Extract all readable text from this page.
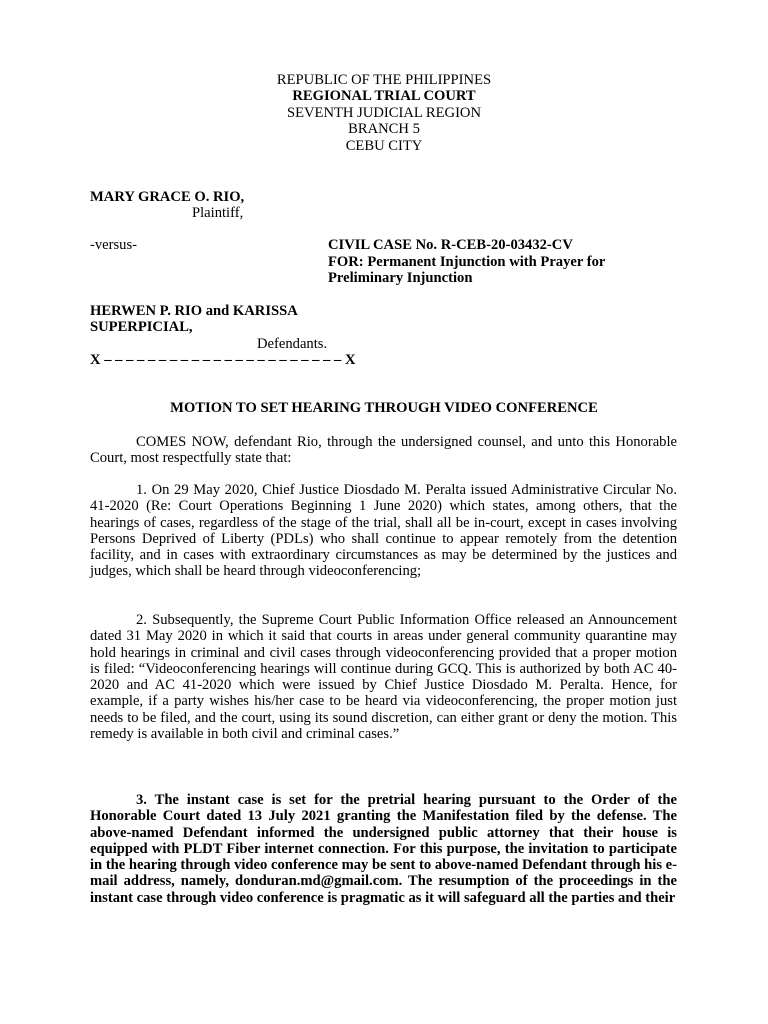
REPUBLIC OF THE PHILIPPINES
REGIONAL TRIAL COURT
SEVENTH JUDICIAL REGION
BRANCH 5
CEBU CITY
MARY GRACE O. RIO,
Plaintiff,
-versus-	CIVIL CASE No. R-CEB-20-03432-CV
FOR: Permanent Injunction with Prayer for
Preliminary Injunction
HERWEN P. RIO and KARISSA
SUPERPICIAL,
Defendants.
X – – – – – – – – – – – – – – – – – – – – – – X
MOTION TO SET HEARING THROUGH VIDEO CONFERENCE

COMES NOW, defendant Rio, through the undersigned counsel, and unto this Honorable Court, most respectfully state that:

1. On 29 May 2020, Chief Justice Diosdado M. Peralta issued Administrative Circular No. 41-2020 (Re: Court Operations Beginning 1 June 2020) which states, among others, that the hearings of cases, regardless of the stage of the trial, shall all be in-court, except in cases involving Persons Deprived of Liberty (PDLs) who shall continue to appear remotely from the detention facility, and in cases with extraordinary circumstances as may be determined by the justices and judges, which shall be heard through videoconferencing;

2. Subsequently, the Supreme Court Public Information Office released an Announcement dated 31 May 2020 in which it said that courts in areas under general community quarantine may hold hearings in criminal and civil cases through videoconferencing provided that a proper motion is filed: “Videoconferencing hearings will continue during GCQ. This is authorized by both AC 40-2020 and AC 41-2020 which were issued by Chief Justice Diosdado M. Peralta. Hence, for example, if a party wishes his/her case to be heard via videoconferencing, the proper motion just needs to be filed, and the court, using its sound discretion, can either grant or deny the motion. This remedy is available in both civil and criminal cases.”

3. The instant case is set for the pretrial hearing pursuant to the Order of the Honorable Court dated 13 July 2021 granting the Manifestation filed by the defense. The above-named Defendant informed the undersigned public attorney that their house is equipped with PLDT Fiber internet connection. For this purpose, the invitation to participate in the hearing through video conference may be sent to above-named Defendant through his e-mail address, namely, donduran.md@gmail.com. The resumption of the proceedings in the instant case through video conference is pragmatic as it will safeguard all the parties and their
